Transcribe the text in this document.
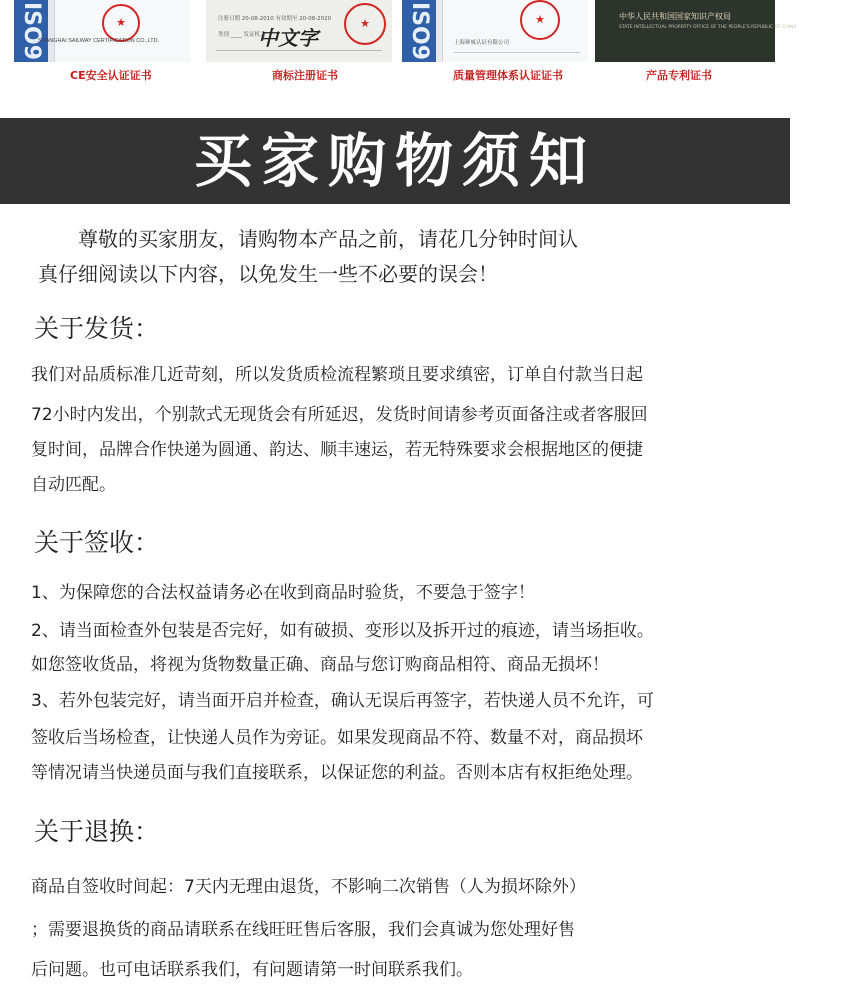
ISO9
★
SHANGHAI SAILWAY CERTIFICATION CO.,LTD.
注册日期 20-08-2010 有效期至 20-08-2020
中文字
类别 ____ 发证机关
★	ISO9
★	上海赛威认证有限公司
中华人民共和国国家知识产权局
STATE INTELLECTUAL PROPERTY OFFICE OF THE PEOPLE'S REPUBLIC OF CHINA
CE安全认证证书	商标注册证书	质量管理体系认证证书	产品专利证书
买家购物须知
尊敬的买家朋友，请购物本产品之前，请花几分钟时间认
真仔细阅读以下内容，以免发生一些不必要的误会！
关于发货：
我们对品质标准几近苛刻，所以发货质检流程繁琐且要求缜密，订单自付款当日起
72小时内发出，个别款式无现货会有所延迟，发货时间请参考页面备注或者客服回
复时间，品牌合作快递为圆通、韵达、顺丰速运，若无特殊要求会根据地区的便捷
自动匹配。
关于签收：
1、为保障您的合法权益请务必在收到商品时验货，不要急于签字！
2、请当面检查外包装是否完好，如有破损、变形以及拆开过的痕迹，请当场拒收。
如您签收货品，将视为货物数量正确、商品与您订购商品相符、商品无损坏！
3、若外包装完好，请当面开启并检查，确认无误后再签字，若快递人员不允许，可
签收后当场检查，让快递人员作为旁证。如果发现商品不符、数量不对，商品损坏
等情况请当快递员面与我们直接联系，以保证您的利益。否则本店有权拒绝处理。
关于退换：
商品自签收时间起：7天内无理由退货，不影响二次销售（人为损坏除外）
；需要退换货的商品请联系在线旺旺售后客服，我们会真诚为您处理好售
后问题。也可电话联系我们，有问题请第一时间联系我们。
